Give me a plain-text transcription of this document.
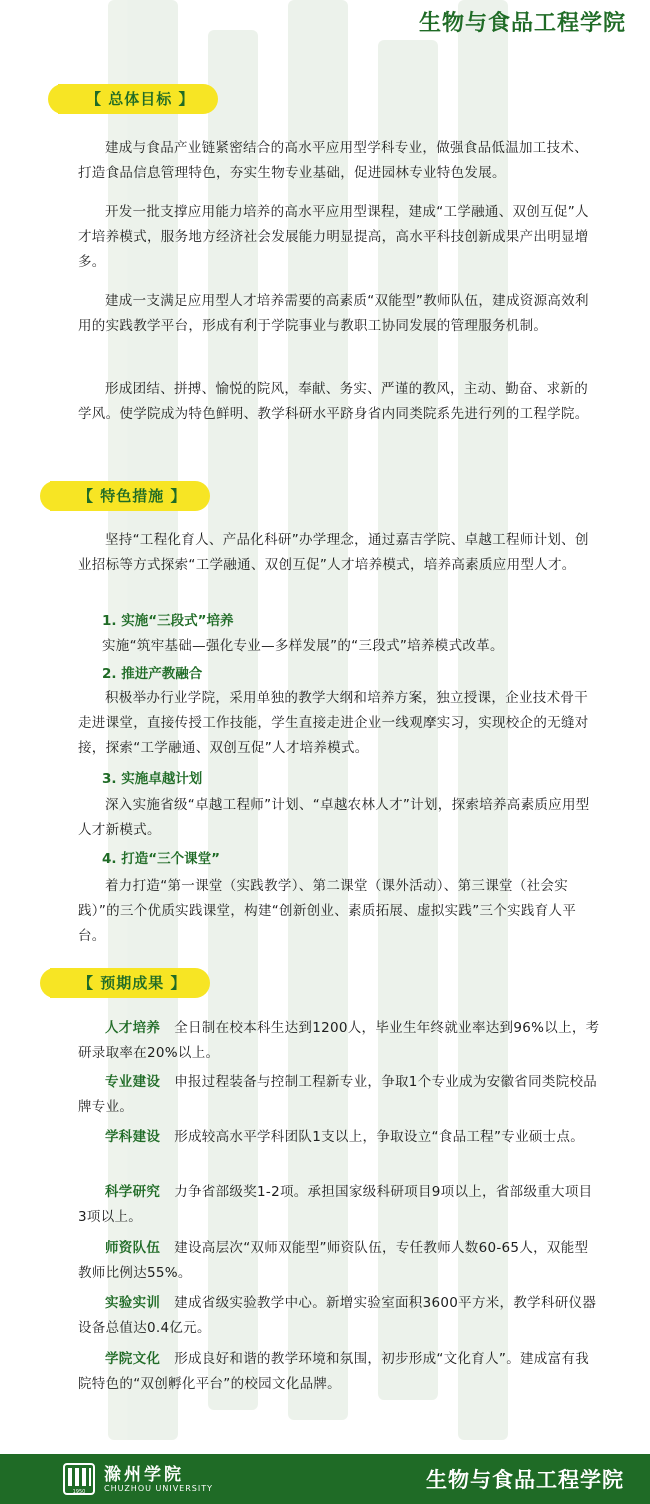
生物与食品工程学院
【 总体目标 】

建成与食品产业链紧密结合的高水平应用型学科专业，做强食品低温加工技术、打造食品信息管理特色，夯实生物专业基础，促进园林专业特色发展。

开发一批支撑应用能力培养的高水平应用型课程，建成“工学融通、双创互促”人才培养模式，服务地方经济社会发展能力明显提高，高水平科技创新成果产出明显增多。

建成一支满足应用型人才培养需要的高素质“双能型”教师队伍，建成资源高效利用的实践教学平台，形成有利于学院事业与教职工协同发展的管理服务机制。

形成团结、拼搏、愉悦的院风，奉献、务实、严谨的教风，主动、勤奋、求新的学风。使学院成为特色鲜明、教学科研水平跻身省内同类院系先进行列的工程学院。

【 特色措施 】

坚持“工程化育人、产品化科研”办学理念，通过嘉吉学院、卓越工程师计划、创业招标等方式探索“工学融通、双创互促”人才培养模式，培养高素质应用型人才。

1. 实施“三段式”培养

实施“筑牢基础—强化专业—多样发展”的“三段式”培养模式改革。

2. 推进产教融合

积极举办行业学院，采用单独的教学大纲和培养方案，独立授课，企业技术骨干走进课堂，直接传授工作技能，学生直接走进企业一线观摩实习，实现校企的无缝对接，探索“工学融通、双创互促”人才培养模式。

3. 实施卓越计划

深入实施省级“卓越工程师”计划、“卓越农林人才”计划，探索培养高素质应用型人才新模式。

4. 打造“三个课堂”

着力打造“第一课堂（实践教学）、第二课堂（课外活动）、第三课堂（社会实践）”的三个优质实践课堂，构建“创新创业、素质拓展、虚拟实践”三个实践育人平台。

【 预期成果 】

人才培养 全日制在校本科生达到1200人，毕业生年终就业率达到96%以上，考研录取率在20%以上。

专业建设 申报过程装备与控制工程新专业，争取1个专业成为安徽省同类院校品牌专业。

学科建设 形成较高水平学科团队1支以上，争取设立“食品工程”专业硕士点。

科学研究 力争省部级奖1-2项。承担国家级科研项目9项以上，省部级重大项目3项以上。

师资队伍 建设高层次“双师双能型”师资队伍，专任教师人数60-65人，双能型教师比例达55%。

实验实训 建成省级实验教学中心。新增实验室面积3600平方米，教学科研仪器设备总值达0.4亿元。

学院文化 形成良好和谐的教学环境和氛围，初步形成“文化育人”。建成富有我院特色的“双创孵化平台”的校园文化品牌。

1950
滁州学院
CHUZHOU UNIVERSITY	生物与食品工程学院
